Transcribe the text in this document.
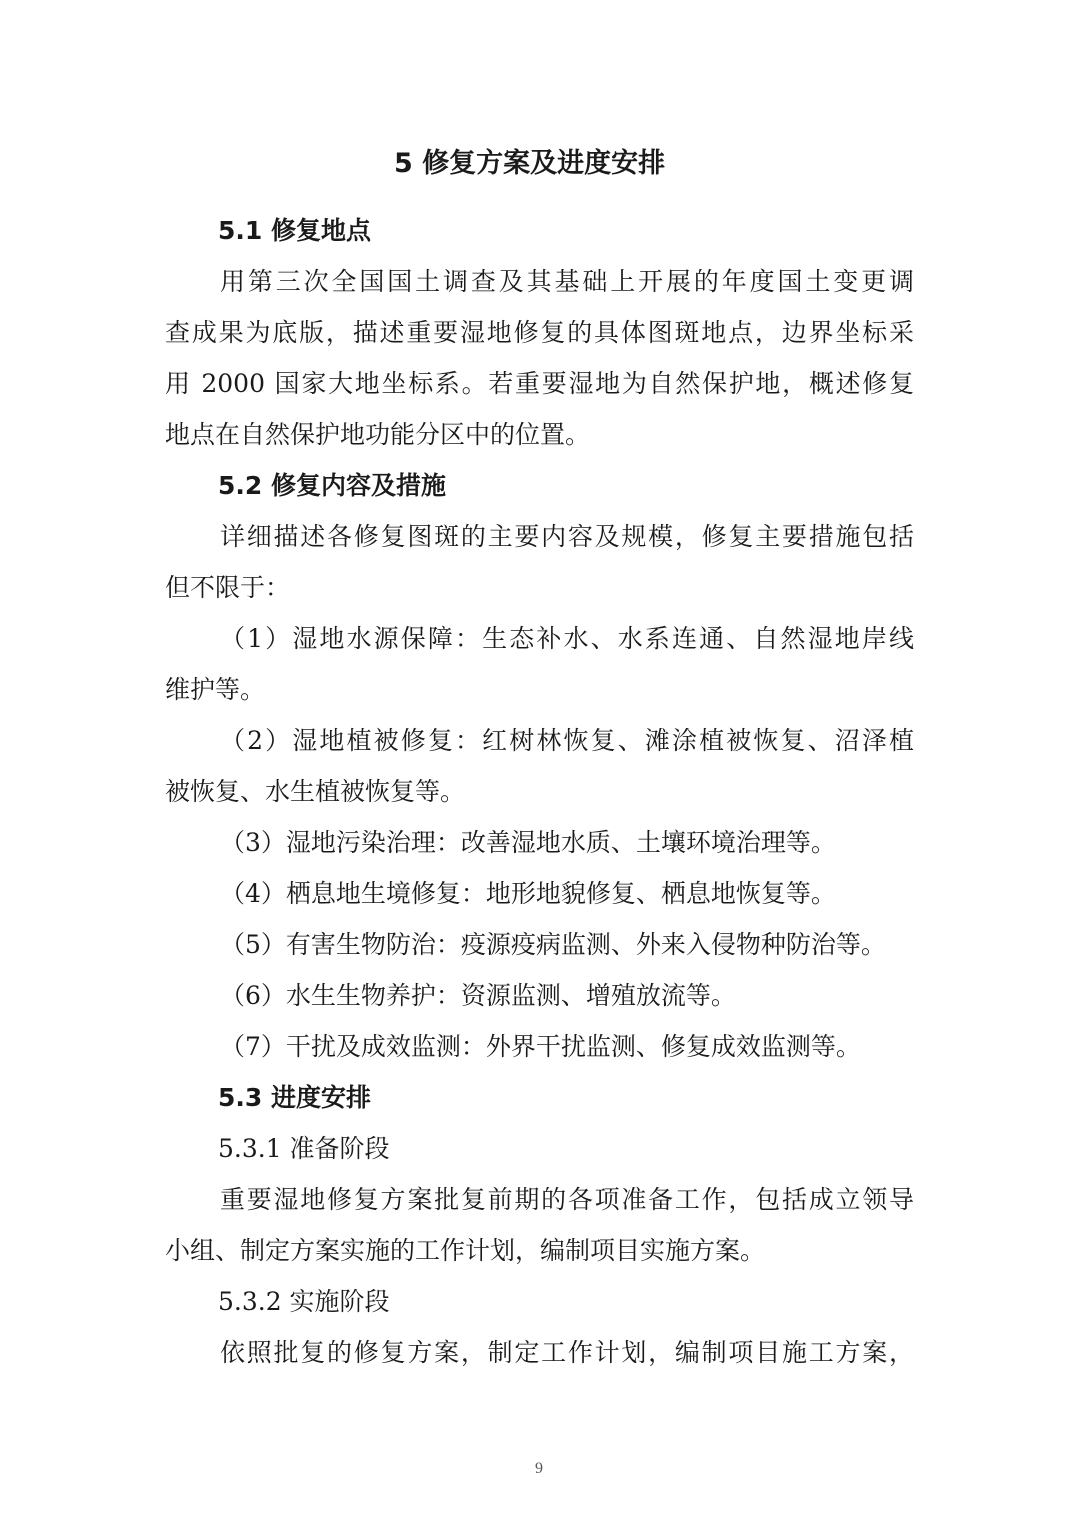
5 修复方案及进度安排
5.1 修复地点
用第三次全国国土调查及其基础上开展的年度国土变更调
查成果为底版，描述重要湿地修复的具体图斑地点，边界坐标采
用 2000 国家大地坐标系。若重要湿地为自然保护地，概述修复
地点在自然保护地功能分区中的位置。
5.2 修复内容及措施
详细描述各修复图斑的主要内容及规模，修复主要措施包括
但不限于：
（1）湿地水源保障：生态补水、水系连通、自然湿地岸线
维护等。
（2）湿地植被修复：红树林恢复、滩涂植被恢复、沼泽植
被恢复、水生植被恢复等。
（3）湿地污染治理：改善湿地水质、土壤环境治理等。
（4）栖息地生境修复：地形地貌修复、栖息地恢复等。
（5）有害生物防治：疫源疫病监测、外来入侵物种防治等。
（6）水生生物养护：资源监测、增殖放流等。
（7）干扰及成效监测：外界干扰监测、修复成效监测等。
5.3 进度安排
5.3.1 准备阶段
重要湿地修复方案批复前期的各项准备工作，包括成立领导
小组、制定方案实施的工作计划，编制项目实施方案。
5.3.2 实施阶段
依照批复的修复方案，制定工作计划，编制项目施工方案，
9
